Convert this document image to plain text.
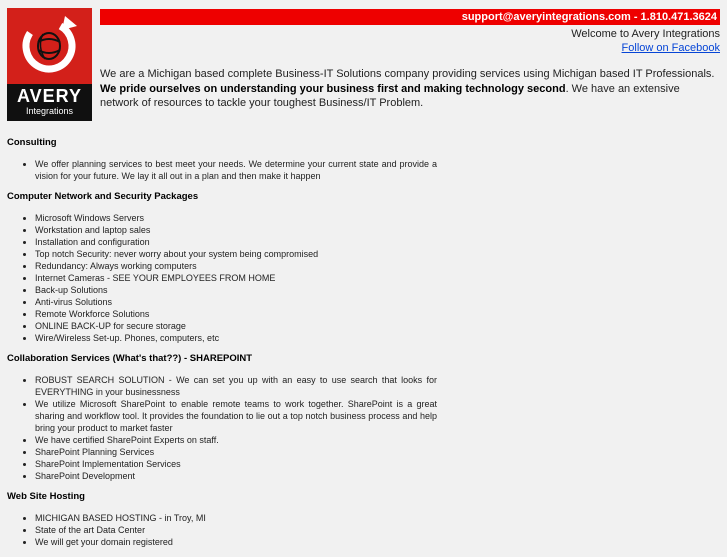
AVERY
Integrations
support@averyintegrations.com - 1.810.471.3624
Welcome to Avery Integrations
Follow on Facebook
We are a Michigan based complete Business-IT Solutions company providing services using Michigan based IT Professionals. We pride ourselves on understanding your business first and making technology second. We have an extensive network of resources to tackle your toughest Business/IT Problem.
Consulting
• We offer planning services to best meet your needs. We determine your current state and provide a vision for your future. We lay it all out in a plan and then make it happen
Computer Network and Security Packages
• Microsoft Windows Servers
• Workstation and laptop sales
• Installation and configuration
• Top notch Security: never worry about your system being compromised
• Redundancy: Always working computers
• Internet Cameras - SEE YOUR EMPLOYEES FROM HOME
• Back-up Solutions
• Anti-virus Solutions
• Remote Workforce Solutions
• ONLINE BACK-UP for secure storage
• Wire/Wireless Set-up. Phones, computers, etc
Collaboration Services (What's that??) - SHAREPOINT
• ROBUST SEARCH SOLUTION - We can set you up with an easy to use search that looks for EVERYTHING in your businessness
• We utilize Microsoft SharePoint to enable remote teams to work together. SharePoint is a great sharing and workflow tool. It provides the foundation to lie out a top notch business process and help bring your product to market faster
• We have certified SharePoint Experts on staff.
• SharePoint Planning Services
• SharePoint Implementation Services
• SharePoint Development
Web Site Hosting
• MICHIGAN BASED HOSTING - in Troy, MI
• State of the art Data Center
• We will get your domain registered
